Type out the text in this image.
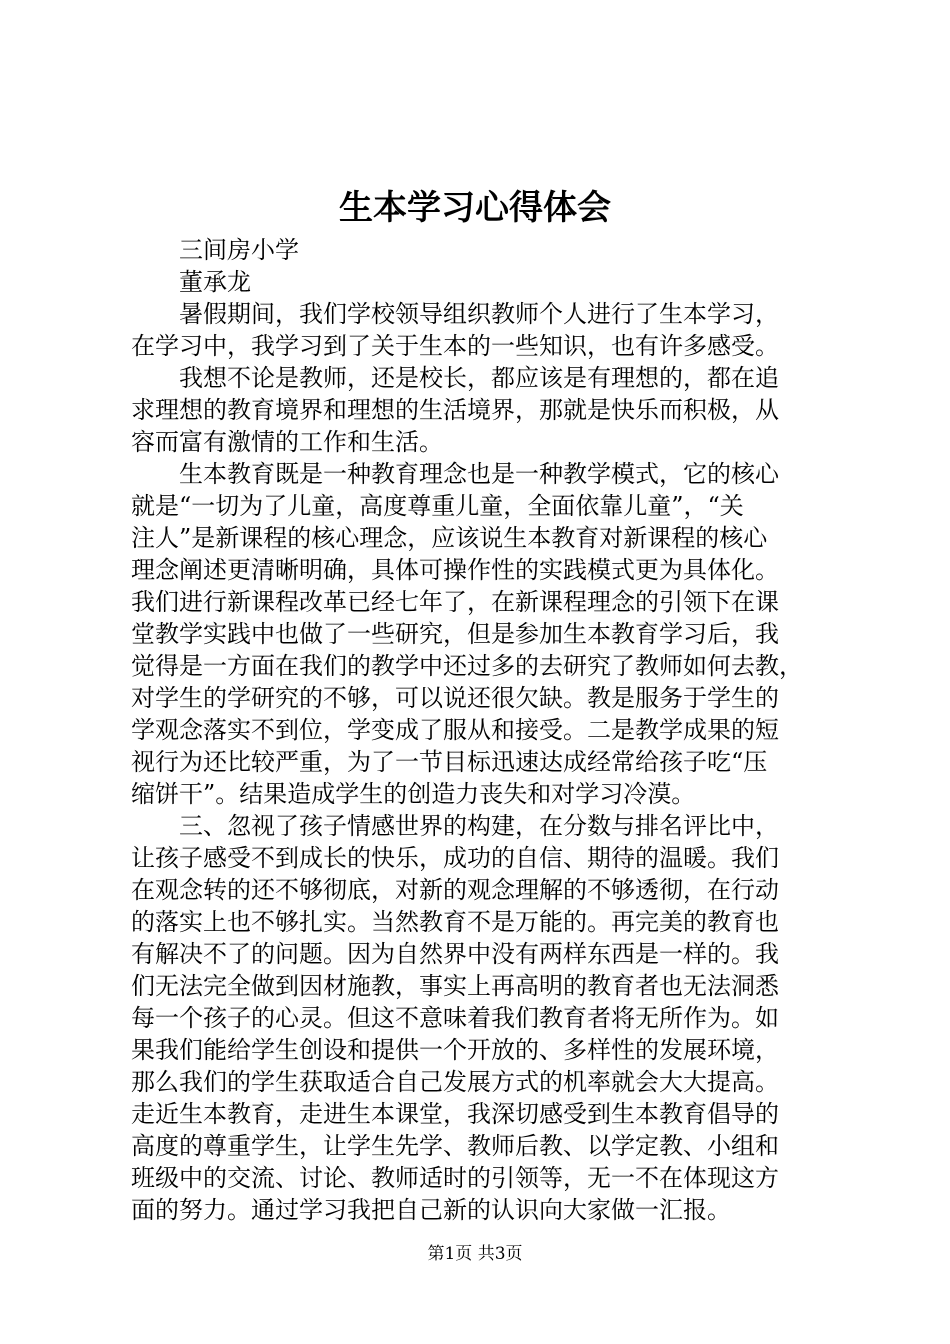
生本学习心得体会
三间房小学
董承龙
暑假期间，我们学校领导组织教师个人进行了生本学习，
在学习中，我学习到了关于生本的一些知识，也有许多感受。
我想不论是教师，还是校长，都应该是有理想的，都在追
求理想的教育境界和理想的生活境界，那就是快乐而积极，从
容而富有激情的工作和生活。
生本教育既是一种教育理念也是一种教学模式，它的核心
就是“一切为了儿童，高度尊重儿童，全面依靠儿童”，“关
注人”是新课程的核心理念，应该说生本教育对新课程的核心
理念阐述更清晰明确，具体可操作性的实践模式更为具体化。
我们进行新课程改革已经七年了，在新课程理念的引领下在课
堂教学实践中也做了一些研究，但是参加生本教育学习后，我
觉得是一方面在我们的教学中还过多的去研究了教师如何去教，
对学生的学研究的不够，可以说还很欠缺。教是服务于学生的
学观念落实不到位，学变成了服从和接受。二是教学成果的短
视行为还比较严重，为了一节目标迅速达成经常给孩子吃“压
缩饼干”。结果造成学生的创造力丧失和对学习冷漠。
三、忽视了孩子情感世界的构建，在分数与排名评比中，
让孩子感受不到成长的快乐，成功的自信、期待的温暖。我们
在观念转的还不够彻底，对新的观念理解的不够透彻，在行动
的落实上也不够扎实。当然教育不是万能的。再完美的教育也
有解决不了的问题。因为自然界中没有两样东西是一样的。我
们无法完全做到因材施教，事实上再高明的教育者也无法洞悉
每一个孩子的心灵。但这不意味着我们教育者将无所作为。如
果我们能给学生创设和提供一个开放的、多样性的发展环境，
那么我们的学生获取适合自己发展方式的机率就会大大提高。
走近生本教育，走进生本课堂，我深切感受到生本教育倡导的
高度的尊重学生，让学生先学、教师后教、以学定教、小组和
班级中的交流、讨论、教师适时的引领等，无一不在体现这方
面的努力。通过学习我把自己新的认识向大家做一汇报。
第1页 共3页
